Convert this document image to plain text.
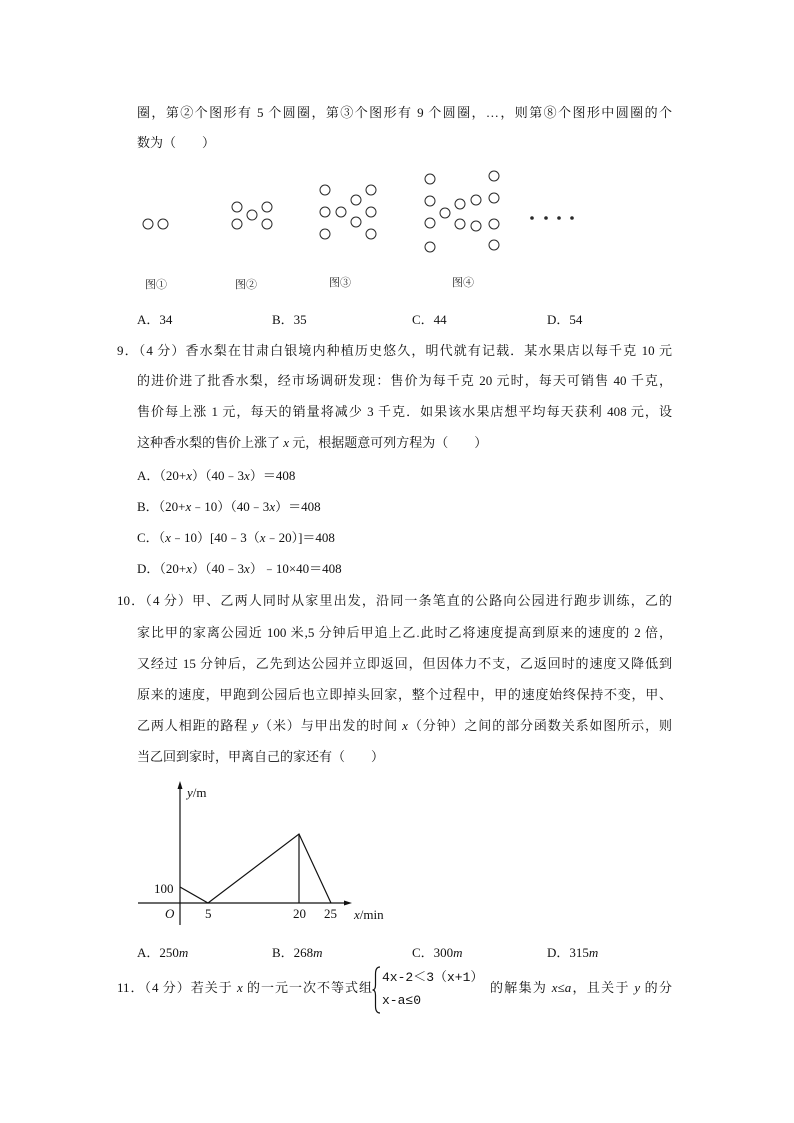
圈，第②个图形有 5 个圆圈，第③个图形有 9 个圆圈，…，则第⑧个图形中圆圈的个
数为（　　）
图①	图②	图③	图④
A．34	B．35	C．44	D．54
9．（4 分）香水梨在甘肃白银境内种植历史悠久，明代就有记载．某水果店以每千克 10 元
的进价进了批香水梨，经市场调研发现：售价为每千克 20 元时，每天可销售 40 千克，
售价每上涨 1 元，每天的销量将减少 3 千克．如果该水果店想平均每天获利 408 元，设
这种香水梨的售价上涨了 x 元，根据题意可列方程为（　　）
A．（20+x）（40﹣3x）＝408
B．（20+x﹣10）（40﹣3x）＝408
C．（x﹣10）[40﹣3（x﹣20）]＝408
D．（20+x）（40﹣3x）﹣10×40＝408
10．（4 分）甲、乙两人同时从家里出发，沿同一条笔直的公路向公园进行跑步训练，乙的
家比甲的家离公园近 100 米,5 分钟后甲追上乙.此时乙将速度提高到原来的速度的 2 倍，
又经过 15 分钟后，乙先到达公园并立即返回，但因体力不支，乙返回时的速度又降低到
原来的速度，甲跑到公园后也立即掉头回家，整个过程中，甲的速度始终保持不变，甲、
乙两人相距的路程 y（米）与甲出发的时间 x（分钟）之间的部分函数关系如图所示，则
当乙回到家时，甲离自己的家还有（　　）
y/m
x/min
O
100
5	20 25
A．250m	B．268m	C．300m	D．315m
11．（4 分）若关于 x 的一元一次不等式组
4x-2＜3（x+1）
x-a≤0
的解集为 x≤a，且关于 y 的分
